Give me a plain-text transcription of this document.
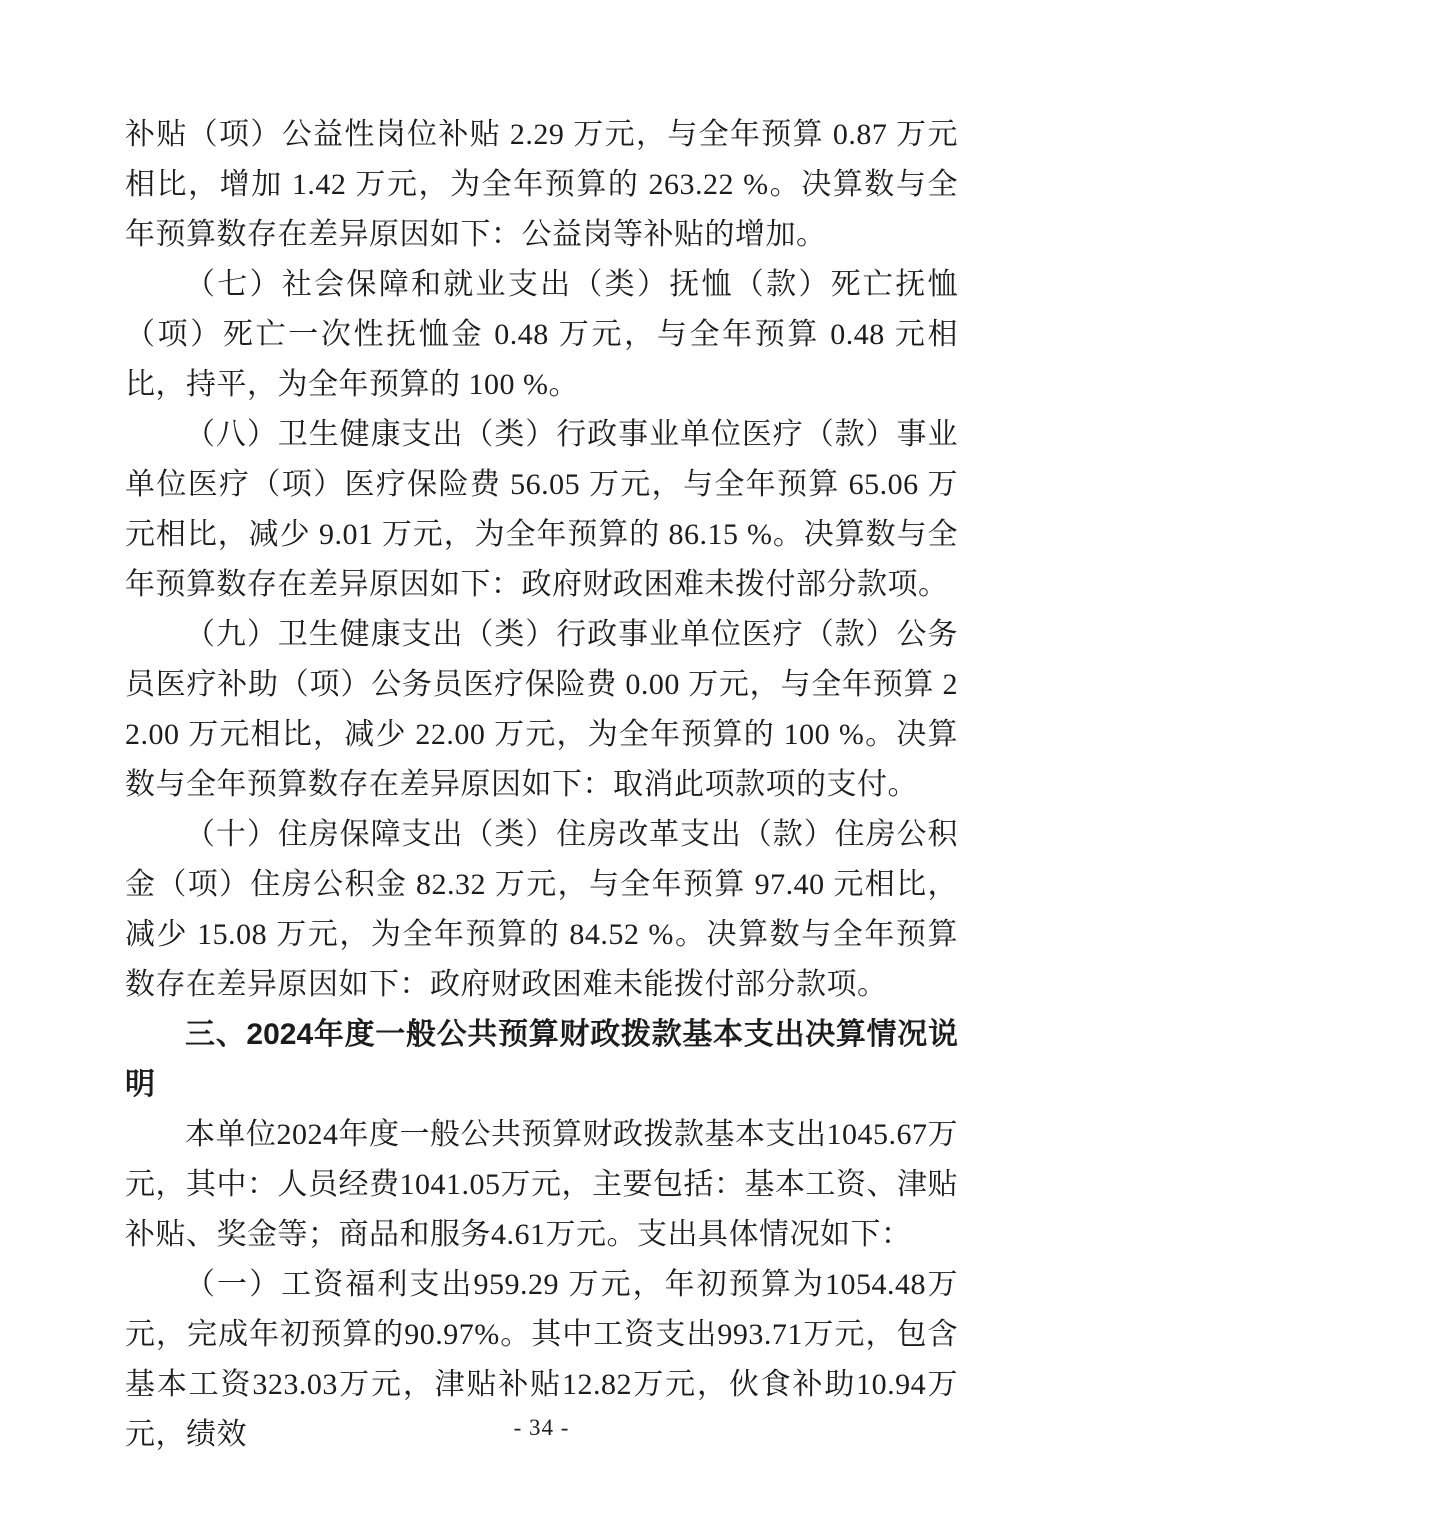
补贴（项）公益性岗位补贴 2.29 万元，与全年预算 0.87 万元相比，增加 1.42 万元，为全年预算的 263.22 %。决算数与全年预算数存在差异原因如下：公益岗等补贴的增加。

（七）社会保障和就业支出（类）抚恤（款）死亡抚恤（项）死亡一次性抚恤金 0.48 万元，与全年预算 0.48 元相比，持平，为全年预算的 100 %。

（八）卫生健康支出（类）行政事业单位医疗（款）事业单位医疗（项）医疗保险费 56.05 万元，与全年预算 65.06 万元相比，减少 9.01 万元，为全年预算的 86.15 %。决算数与全年预算数存在差异原因如下：政府财政困难未拨付部分款项。

（九）卫生健康支出（类）行政事业单位医疗（款）公务员医疗补助（项）公务员医疗保险费 0.00 万元，与全年预算 22.00 万元相比，减少 22.00 万元，为全年预算的 100 %。决算数与全年预算数存在差异原因如下：取消此项款项的支付。

（十）住房保障支出（类）住房改革支出（款）住房公积金（项）住房公积金 82.32 万元，与全年预算 97.40 元相比，减少 15.08 万元，为全年预算的 84.52 %。决算数与全年预算数存在差异原因如下：政府财政困难未能拨付部分款项。

三、2024年度一般公共预算财政拨款基本支出决算情况说明

本单位2024年度一般公共预算财政拨款基本支出1045.67万元，其中：人员经费1041.05万元，主要包括：基本工资、津贴补贴、奖金等；商品和服务4.61万元。支出具体情况如下：

（一）工资福利支出959.29 万元，年初预算为1054.48万元，完成年初预算的90.97%。其中工资支出993.71万元，包含基本工资323.03万元，津贴补贴12.82万元，伙食补助10.94万元，绩效	- 34 -
